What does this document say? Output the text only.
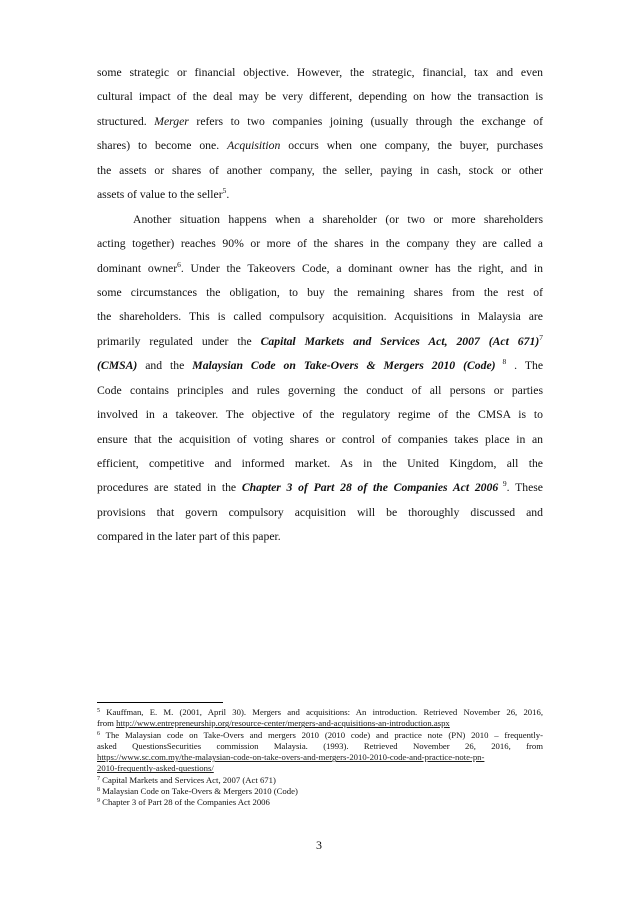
some strategic or financial objective. However, the strategic, financial, tax and even
cultural impact of the deal may be very different, depending on how the transaction is
structured. Merger refers to two companies joining (usually through the exchange of
shares) to become one. Acquisition occurs when one company, the buyer, purchases
the assets or shares of another company, the seller, paying in cash, stock or other
assets of value to the seller$^5$.
Another situation happens when a shareholder (or two or more shareholders
acting together) reaches 90% or more of the shares in the company they are called a
dominant owner$^6$. Under the Takeovers Code, a dominant owner has the right, and in
some circumstances the obligation, to buy the remaining shares from the rest of
the shareholders. This is called compulsory acquisition. Acquisitions in Malaysia are
primarily regulated under the Capital Markets and Services Act, 2007 (Act 671)$^7$
(CMSA) and the Malaysian Code on Take-Overs & Mergers 2010 (Code) $^8$ . The
Code contains principles and rules governing the conduct of all persons or parties
involved in a takeover. The objective of the regulatory regime of the CMSA is to
ensure that the acquisition of voting shares or control of companies takes place in an
efficient, competitive and informed market. As in the United Kingdom, all the
procedures are stated in the Chapter 3 of Part 28 of the Companies Act 2006 $^9$. These
provisions that govern compulsory acquisition will be thoroughly discussed and
compared in the later part of this paper.
$^5$ Kauffman, E. M. (2001, April 30). Mergers and acquisitions: An introduction. Retrieved November 26, 2016,
from http://www.entrepreneurship.org/resource-center/mergers-and-acquisitions-an-introduction.aspx
$^6$ The Malaysian code on Take-Overs and mergers 2010 (2010 code) and practice note (PN) 2010 – frequently-
asked QuestionsSecurities commission Malaysia. (1993). Retrieved November 26, 2016, from
https://www.sc.com.my/the-malaysian-code-on-take-overs-and-mergers-2010-2010-code-and-practice-note-pn-
2010-frequently-asked-questions/
$^7$ Capital Markets and Services Act, 2007 (Act 671)
$^8$ Malaysian Code on Take-Overs & Mergers 2010 (Code)
$^9$ Chapter 3 of Part 28 of the Companies Act 2006
3
